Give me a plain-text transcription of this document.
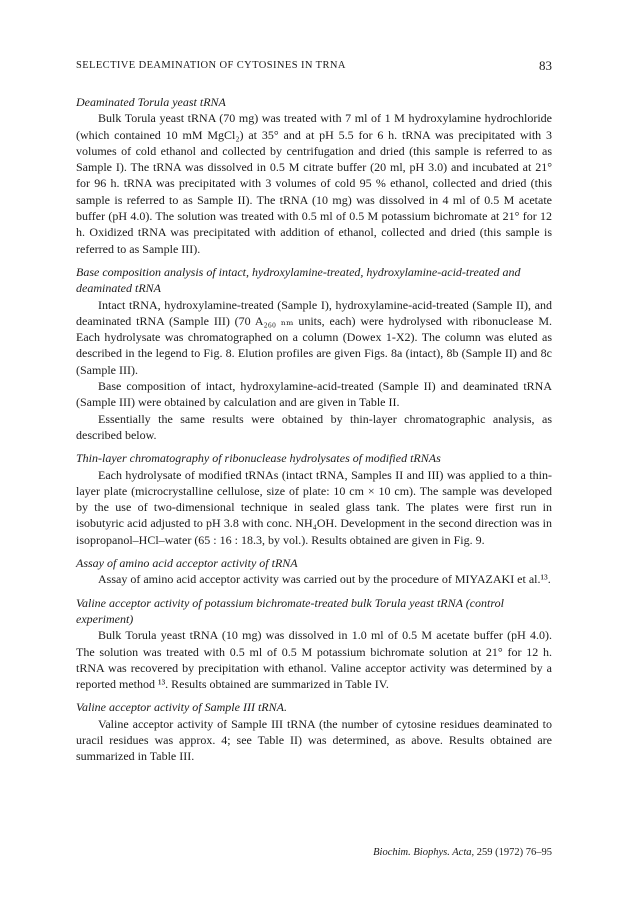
SELECTIVE DEAMINATION OF CYTOSINES IN TRNA	83
Deaminated Torula yeast tRNA

Bulk Torula yeast tRNA (70 mg) was treated with 7 ml of 1 M hydroxylamine hydrochloride (which contained 10 mM MgCl₂) at 35° and at pH 5.5 for 6 h. tRNA was precipitated with 3 volumes of cold ethanol and collected by centrifugation and dried (this sample is referred to as Sample I). The tRNA was dissolved in 0.5 M citrate buffer (20 ml, pH 3.0) and incubated at 21° for 96 h. tRNA was precipitated with 3 volumes of cold 95 % ethanol, collected and dried (this sample is referred to as Sample II). The tRNA (10 mg) was dissolved in 4 ml of 0.5 M acetate buffer (pH 4.0). The solution was treated with 0.5 ml of 0.5 M potassium bichromate at 21° for 12 h. Oxidized tRNA was precipitated with addition of ethanol, collected and dried (this sample is referred to as Sample III).

Base composition analysis of intact, hydroxylamine-treated, hydroxylamine-acid-treated and deaminated tRNA

Intact tRNA, hydroxylamine-treated (Sample I), hydroxylamine-acid-treated (Sample II), and deaminated tRNA (Sample III) (70 A₂₆₀ ₙₘ units, each) were hydrolysed with ribonuclease M. Each hydrolysate was chromatographed on a column (Dowex 1-X2). The column was eluted as described in the legend to Fig. 8. Elution profiles are given Figs. 8a (intact), 8b (Sample II) and 8c (Sample III).

Base composition of intact, hydroxylamine-acid-treated (Sample II) and deaminated tRNA (Sample III) were obtained by calculation and are given in Table II.

Essentially the same results were obtained by thin-layer chromatographic analysis, as described below.

Thin-layer chromatography of ribonuclease hydrolysates of modified tRNAs

Each hydrolysate of modified tRNAs (intact tRNA, Samples II and III) was applied to a thin-layer plate (microcrystalline cellulose, size of plate: 10 cm × 10 cm). The sample was developed by the use of two-dimensional technique in sealed glass tank. The plates were first run in isobutyric acid adjusted to pH 3.8 with conc. NH₄OH. Development in the second direction was in isopropanol–HCl–water (65 : 16 : 18.3, by vol.). Results obtained are given in Fig. 9.

Assay of amino acid acceptor activity of tRNA

Assay of amino acid acceptor activity was carried out by the procedure of MIYAZAKI et al.¹³.

Valine acceptor activity of potassium bichromate-treated bulk Torula yeast tRNA (control experiment)

Bulk Torula yeast tRNA (10 mg) was dissolved in 1.0 ml of 0.5 M acetate buffer (pH 4.0). The solution was treated with 0.5 ml of 0.5 M potassium bichromate solution at 21° for 12 h. tRNA was recovered by precipitation with ethanol. Valine acceptor activity was determined by a reported method ¹³. Results obtained are summarized in Table IV.

Valine acceptor activity of Sample III tRNA.

Valine acceptor activity of Sample III tRNA (the number of cytosine residues deaminated to uracil residues was approx. 4; see Table II) was determined, as above. Results obtained are summarized in Table III.

Biochim. Biophys. Acta, 259 (1972) 76–95
